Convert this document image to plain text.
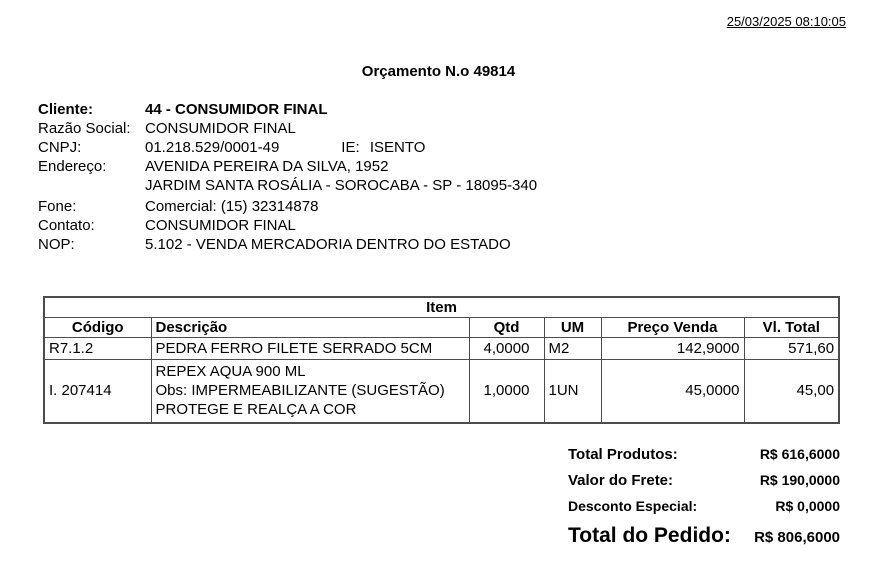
25/03/2025 08:10:05
Orçamento N.o 49814
Cliente:	44 - CONSUMIDOR FINAL
Razão Social: CONSUMIDOR FINAL
CNPJ:	01.218.529/0001-49	IE: ISENTO
Endereço:	AVENIDA PEREIRA DA SILVA, 1952
JARDIM SANTA ROSÁLIA - SOROCABA - SP - 18095-340
Fone:	Comercial: (15) 32314878
Contato:	CONSUMIDOR FINAL
NOP:	5.102 - VENDA MERCADORIA DENTRO DO ESTADO
Item					
Código	Descrição	Qtd	UM	Preço Venda	Vl. Total
R7.1.2	PEDRA FERRO FILETE SERRADO 5CM	4,0000	M2	142,9000	571,60
I. 207414	REPEX AQUA 900 ML
Obs: IMPERMEABILIZANTE (SUGESTÃO)
PROTEGE E REALÇA A COR	1,0000	1UN	45,0000	45,00
Total Produtos:	R$ 616,6000
Valor do Frete:	R$ 190,0000
Desconto Especial:	R$ 0,0000
Total do Pedido: R$ 806,6000
